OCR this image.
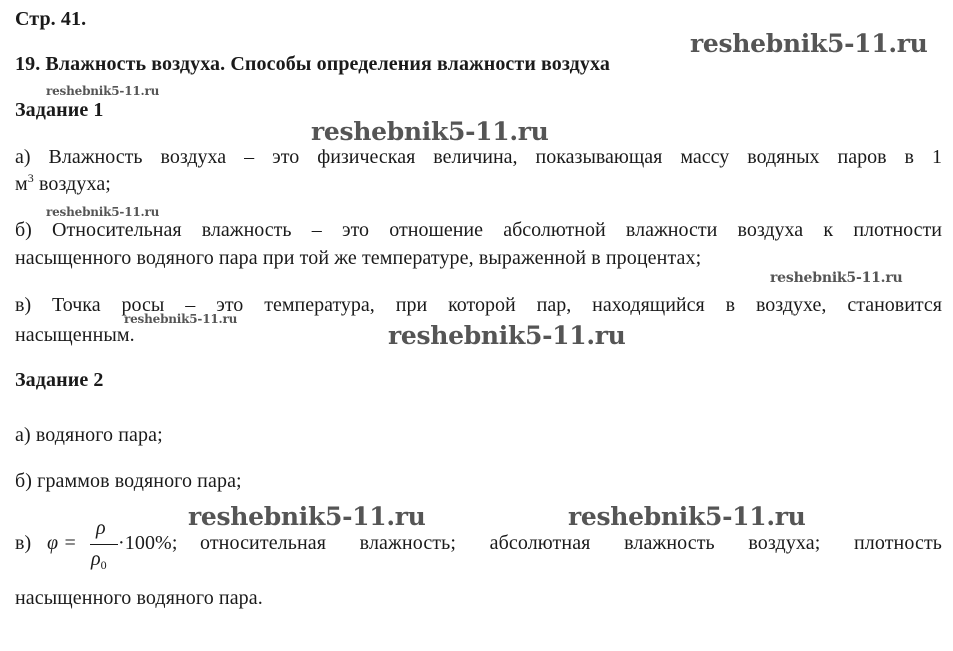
Стр. 41.
19. Влажность воздуха. Способы определения влажности воздуха
Задание 1
а) Влажность воздуха – это физическая величина, показывающая массу водяных паров в 1
$м^3$ воздуха;
б) Относительная влажность – это отношение абсолютной влажности воздуха к плотности
насыщенного водяного пара при той же температуре, выраженной в процентах;
в) Точка росы – это температура, при которой пар, находящийся в воздухе, становится
насыщенным.
Задание 2
а) водяного пара;
б) граммов водяного пара;
в) φ =
ρ
$\rho_0$
·100%; относительная влажность; абсолютная влажность воздуха; плотность
насыщенного водяного пара.
reshebnik5-11.ru
reshebnik5-11.ru
reshebnik5-11.ru
reshebnik5-11.ru
reshebnik5-11.ru
reshebnik5-11.ru
reshebnik5-11.ru
reshebnik5-11.ru	reshebnik5-11.ru
